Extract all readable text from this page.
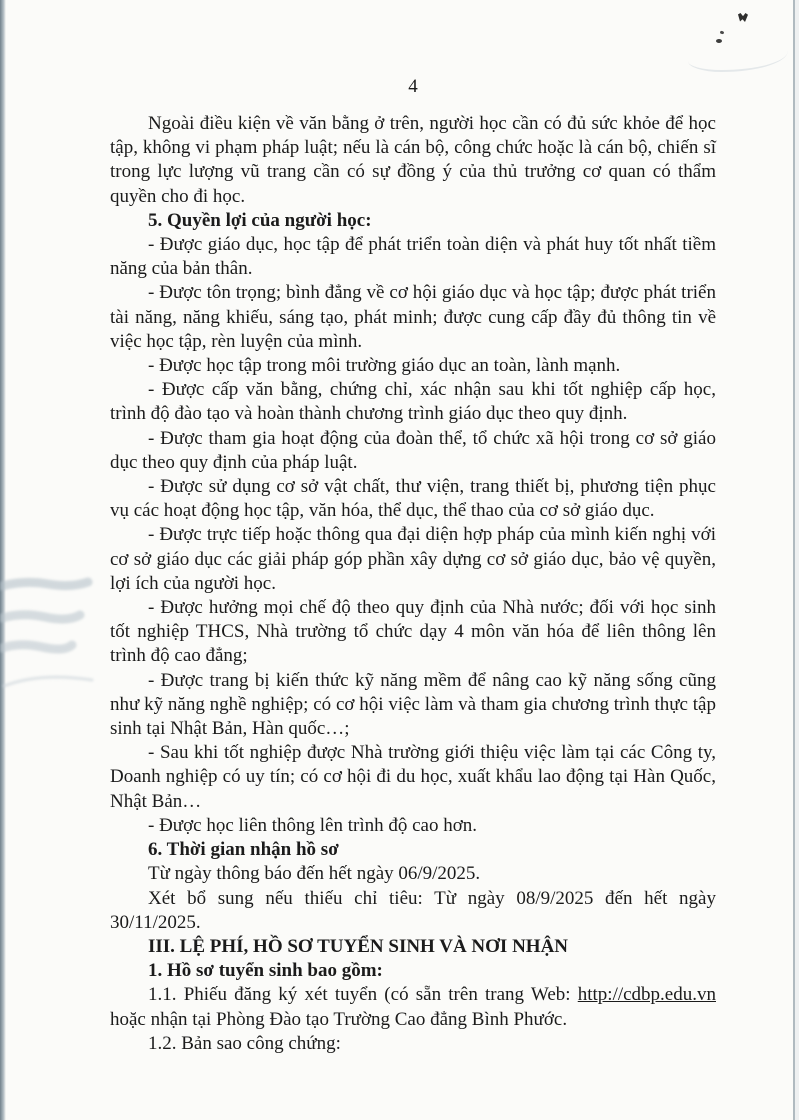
4

Ngoài điều kiện về văn bằng ở trên, người học cần có đủ sức khỏe để học tập, không vi phạm pháp luật; nếu là cán bộ, công chức hoặc là cán bộ, chiến sĩ trong lực lượng vũ trang cần có sự đồng ý của thủ trưởng cơ quan có thẩm quyền cho đi học.

5. Quyền lợi của người học:

- Được giáo dục, học tập để phát triển toàn diện và phát huy tốt nhất tiềm năng của bản thân.

- Được tôn trọng; bình đẳng về cơ hội giáo dục và học tập; được phát triển tài năng, năng khiếu, sáng tạo, phát minh; được cung cấp đầy đủ thông tin về việc học tập, rèn luyện của mình.

- Được học tập trong môi trường giáo dục an toàn, lành mạnh.

- Được cấp văn bằng, chứng chỉ, xác nhận sau khi tốt nghiệp cấp học, trình độ đào tạo và hoàn thành chương trình giáo dục theo quy định.

- Được tham gia hoạt động của đoàn thể, tổ chức xã hội trong cơ sở giáo dục theo quy định của pháp luật.

- Được sử dụng cơ sở vật chất, thư viện, trang thiết bị, phương tiện phục vụ các hoạt động học tập, văn hóa, thể dục, thể thao của cơ sở giáo dục.

- Được trực tiếp hoặc thông qua đại diện hợp pháp của mình kiến nghị với cơ sở giáo dục các giải pháp góp phần xây dựng cơ sở giáo dục, bảo vệ quyền, lợi ích của người học.

- Được hưởng mọi chế độ theo quy định của Nhà nước; đối với học sinh tốt nghiệp THCS, Nhà trường tổ chức dạy 4 môn văn hóa để liên thông lên trình độ cao đẳng;

- Được trang bị kiến thức kỹ năng mềm để nâng cao kỹ năng sống cũng như kỹ năng nghề nghiệp; có cơ hội việc làm và tham gia chương trình thực tập sinh tại Nhật Bản, Hàn quốc…;

- Sau khi tốt nghiệp được Nhà trường giới thiệu việc làm tại các Công ty, Doanh nghiệp có uy tín; có cơ hội đi du học, xuất khẩu lao động tại Hàn Quốc, Nhật Bản…

- Được học liên thông lên trình độ cao hơn.

6. Thời gian nhận hồ sơ

Từ ngày thông báo đến hết ngày 06/9/2025.

Xét bổ sung nếu thiếu chỉ tiêu: Từ ngày 08/9/2025 đến hết ngày 30/11/2025.

III. LỆ PHÍ, HỒ SƠ TUYỂN SINH VÀ NƠI NHẬN

1. Hồ sơ tuyển sinh bao gồm:

1.1. Phiếu đăng ký xét tuyển (có sẵn trên trang Web: http://cdbp.edu.vn hoặc nhận tại Phòng Đào tạo Trường Cao đẳng Bình Phước.

1.2. Bản sao công chứng:
